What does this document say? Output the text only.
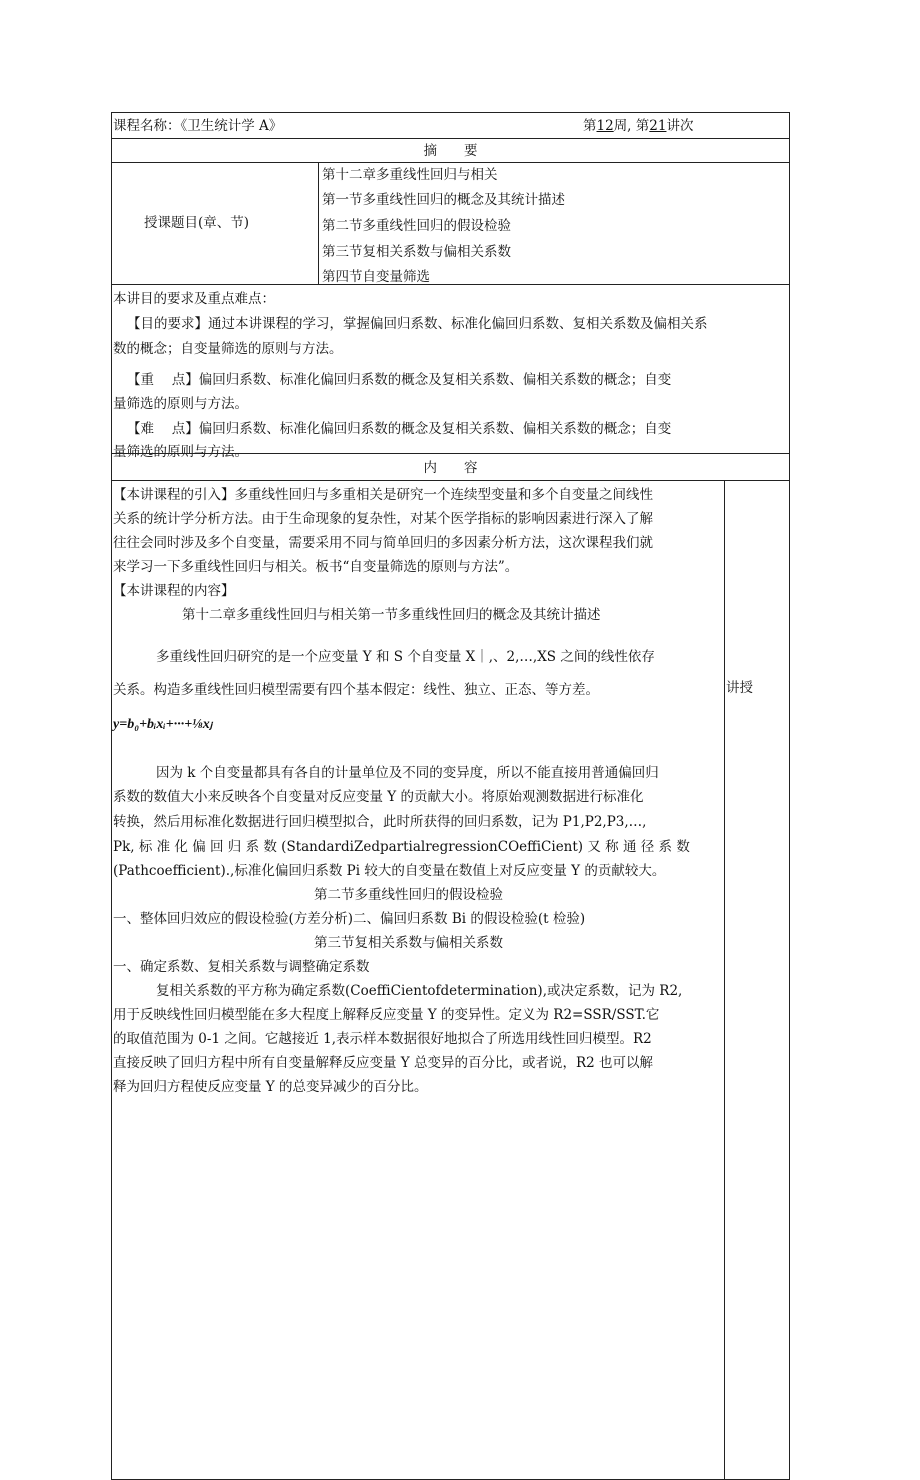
课程名称：《卫生统计学 A》	第12周, 第21讲次
摘　　要
授课题目(章、节)
第十二章多重线性回归与相关
第一节多重线性回归的概念及其统计描述
第二节多重线性回归的假设检验
第三节复相关系数与偏相关系数
第四节自变量筛选
本讲目的要求及重点难点：
【目的要求】通过本讲课程的学习，掌握偏回归系数、标准化偏回归系数、复相关系数及偏相关系
数的概念；自变量筛选的原则与方法。
【重　 点】偏回归系数、标准化偏回归系数的概念及复相关系数、偏相关系数的概念；自变
量筛选的原则与方法。
【难　 点】偏回归系数、标准化偏回归系数的概念及复相关系数、偏相关系数的概念；自变
量筛选的原则与方法。
内　　容
讲授
【本讲课程的引入】多重线性回归与多重相关是研究一个连续型变量和多个自变量之间线性
关系的统计学分析方法。由于生命现象的复杂性，对某个医学指标的影响因素进行深入了解
往往会同时涉及多个自变量，需要采用不同与简单回归的多因素分析方法，这次课程我们就
来学习一下多重线性回归与相关。板书“自变量筛选的原则与方法”。
【本讲课程的内容】
第十二章多重线性回归与相关第一节多重线性回归的概念及其统计描述
多重线性回归研究的是一个应变量 Y 和 S 个自变量 X｜,、2,…,XS 之间的线性依存
关系。构造多重线性回归模型需要有四个基本假定：线性、独立、正态、等方差。
y=b₀+bᵢxᵢ+···+⅛xⱼ
因为 k 个自变量都具有各自的计量单位及不同的变异度，所以不能直接用普通偏回归
系数的数值大小来反映各个自变量对反应变量 Y 的贡献大小。将原始观测数据进行标准化
转换，然后用标准化数据进行回归模型拟合，此时所获得的回归系数，记为 P1,P2,P3,…,
Pk, 标 准 化 偏 回 归 系 数 (StandardiZedpartialregressionCOeffiCient) 又 称 通 径 系 数
(Pathcoefficient).,标准化偏回归系数 Pi 较大的自变量在数值上对反应变量 Y 的贡献较大。
第二节多重线性回归的假设检验
一、整体回归效应的假设检验(方差分析)二、偏回归系数 Bi 的假设检验(t 检验)
第三节复相关系数与偏相关系数
一、确定系数、复相关系数与调整确定系数
复相关系数的平方称为确定系数(CoeffiCientofdetermination),或决定系数，记为 R2,
用于反映线性回归模型能在多大程度上解释反应变量 Y 的变异性。定义为 R2=SSR/SST.它
的取值范围为 0-1 之间。它越接近 1,表示样本数据很好地拟合了所选用线性回归模型。R2
直接反映了回归方程中所有自变量解释反应变量 Y 总变异的百分比，或者说，R2 也可以解
释为回归方程使反应变量 Y 的总变异减少的百分比。
